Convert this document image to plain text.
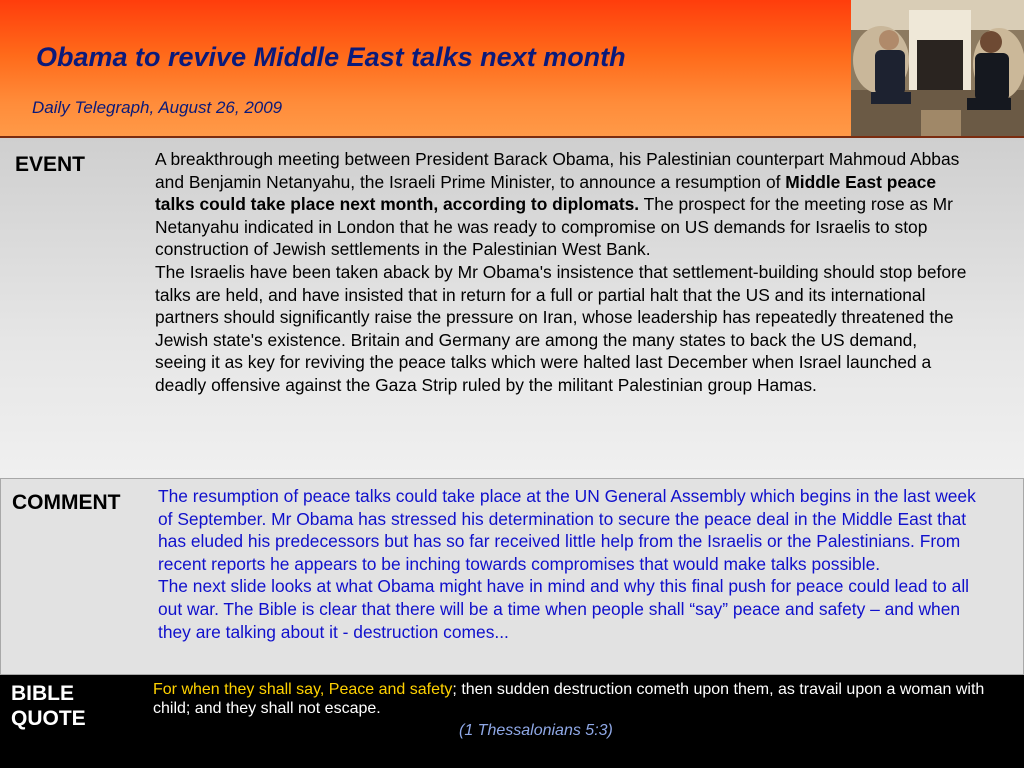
Obama to revive Middle East talks next month
Daily Telegraph, August 26, 2009
EVENT	A breakthrough meeting between President Barack Obama, his Palestinian counterpart Mahmoud Abbas and Benjamin Netanyahu, the Israeli Prime Minister, to announce a resumption of Middle East peace talks could take place next month, according to diplomats. The prospect for the meeting rose as Mr Netanyahu indicated in London that he was ready to compromise on US demands for Israelis to stop construction of Jewish settlements in the Palestinian West Bank.

The Israelis have been taken aback by Mr Obama's insistence that settlement-building should stop before talks are held, and have insisted that in return for a full or partial halt that the US and its international partners should significantly raise the pressure on Iran, whose leadership has repeatedly threatened the Jewish state's existence. Britain and Germany are among the many states to back the US demand, seeing it as key for reviving the peace talks which were halted last December when Israel launched a deadly offensive against the Gaza Strip ruled by the militant Palestinian group Hamas.

COMMENT The resumption of peace talks could take place at the UN General Assembly which begins in the last week of September. Mr Obama has stressed his determination to secure the peace deal in the Middle East that has eluded his predecessors but has so far received little help from the Israelis or the Palestinians. From recent reports he appears to be inching towards compromises that would make talks possible.

The next slide looks at what Obama might have in mind and why this final push for peace could lead to all out war. The Bible is clear that there will be a time when people shall “say” peace and safety – and when they are talking about it - destruction comes...

BIBLE
QUOTE
For when they shall say, Peace and safety; then sudden destruction cometh upon them, as travail upon a woman with child; and they shall not escape.
(1 Thessalonians 5:3)
